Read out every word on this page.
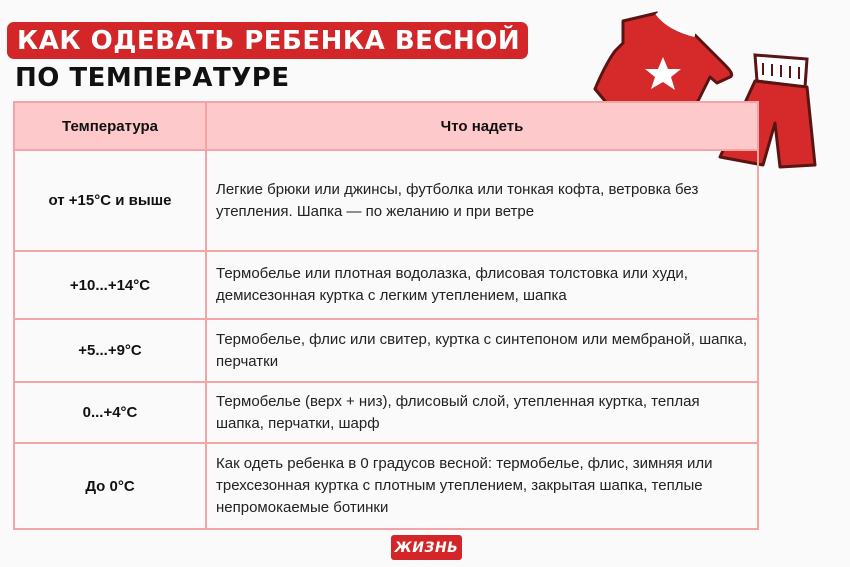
КАК ОДЕВАТЬ РЕБЕНКА ВЕСНОЙ
ПО ТЕМПЕРАТУРЕ
Температура	Что надеть
от +15°С и выше	Легкие брюки или джинсы, футболка или тонкая кофта, ветровка без утепления. Шапка — по желанию и при ветре
+10...+14°С	Термобелье или плотная водолазка, флисовая толстовка или худи, демисезонная куртка с легким утеплением, шапка
+5...+9°С	Термобелье, флис или свитер, куртка с синтепоном или мембраной, шапка, перчатки
0...+4°С	Термобелье (верх + низ), флисовый слой, утепленная куртка, теплая шапка, перчатки, шарф
До 0°С	Как одеть ребенка в 0 градусов весной: термобелье, флис, зимняя или трехсезонная куртка с плотным утеплением, закрытая шапка, теплые непромокаемые ботинки
ЖИЗНЬ
